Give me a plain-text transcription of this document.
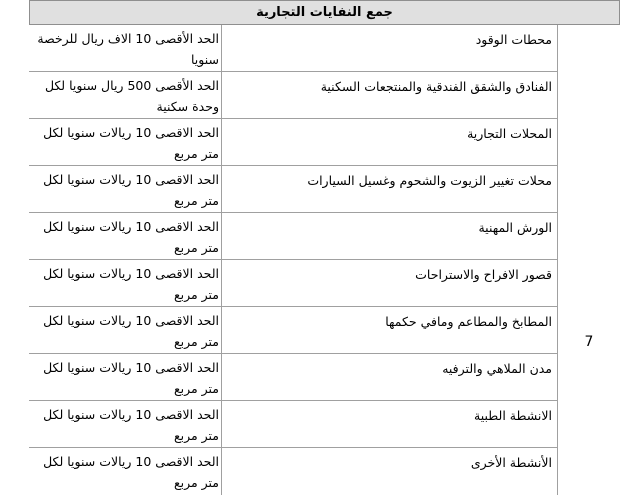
جمع النفايات التجارية
محطات الوقود
الحد الأقصى 10 الاف ريال للرخصة سنويا
الفنادق والشقق الفندقية والمنتجعات السكنية
الحد الأقصى 500 ريال سنويا لكل وحدة سكنية
المحلات التجارية
الحد الاقصى 10 ريالات سنويا لكل متر مربع
محلات تغيير الزيوت والشحوم وغسيل السيارات
الحد الاقصى 10 ريالات سنويا لكل متر مربع
الورش المهنية
الحد الاقصى 10 ريالات سنويا لكل متر مربع
قصور الافراح والاستراحات
الحد الاقصى 10 ريالات سنويا لكل متر مربع
المطابخ والمطاعم ومافي حكمها
الحد الاقصى 10 ريالات سنويا لكل متر مربع
مدن الملاهي والترفيه
الحد الاقصى 10 ريالات سنويا لكل متر مربع
الانشطة الطبية
الحد الاقصى 10 ريالات سنويا لكل متر مربع
الأنشطة الأخرى
الحد الاقصى 10 ريالات سنويا لكل متر مربع
7
